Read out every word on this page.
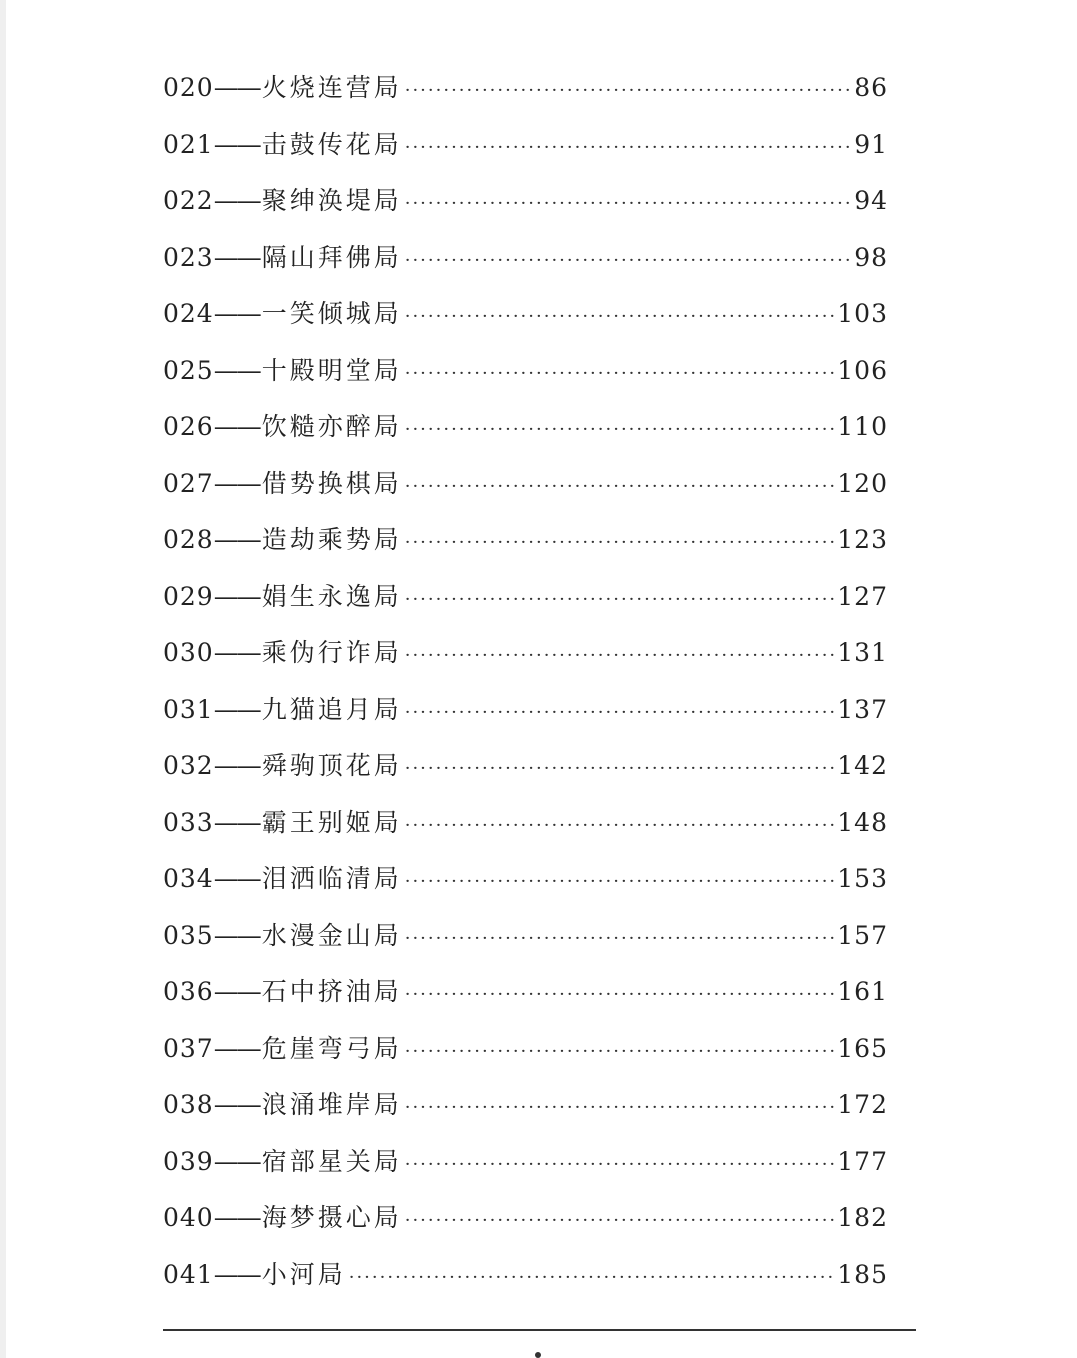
020 —— 火烧连营局 ·····	86
021 —— 击鼓传花局 ·····	91
022 —— 聚绅涣堤局 ·····	94
023 —— 隔山拜佛局 ·····	98
024 —— 一笑倾城局 ·····	103
025 —— 十殿明堂局 ·····	106
026 —— 饮糙亦醉局 ·····	110
027 —— 借势换棋局 ·····	120
028 —— 造劫乘势局 ·····	123
029 —— 娟生永逸局 ·····	127
030 —— 乘伪行诈局 ·····	131
031 —— 九猫追月局 ·····	137
032 —— 舜驹顶花局 ·····	142
033 —— 霸王别姬局 ·····	148
034 —— 泪洒临清局 ·····	153
035 —— 水漫金山局 ·····	157
036 —— 石中挤油局 ·····	161
037 —— 危崖弯弓局 ·····	165
038 —— 浪涌堆岸局 ·····	172
039 —— 宿部星关局 ·····	177
040 —— 海梦摄心局 ·····	182
041 —— 小河局 ·····	185
